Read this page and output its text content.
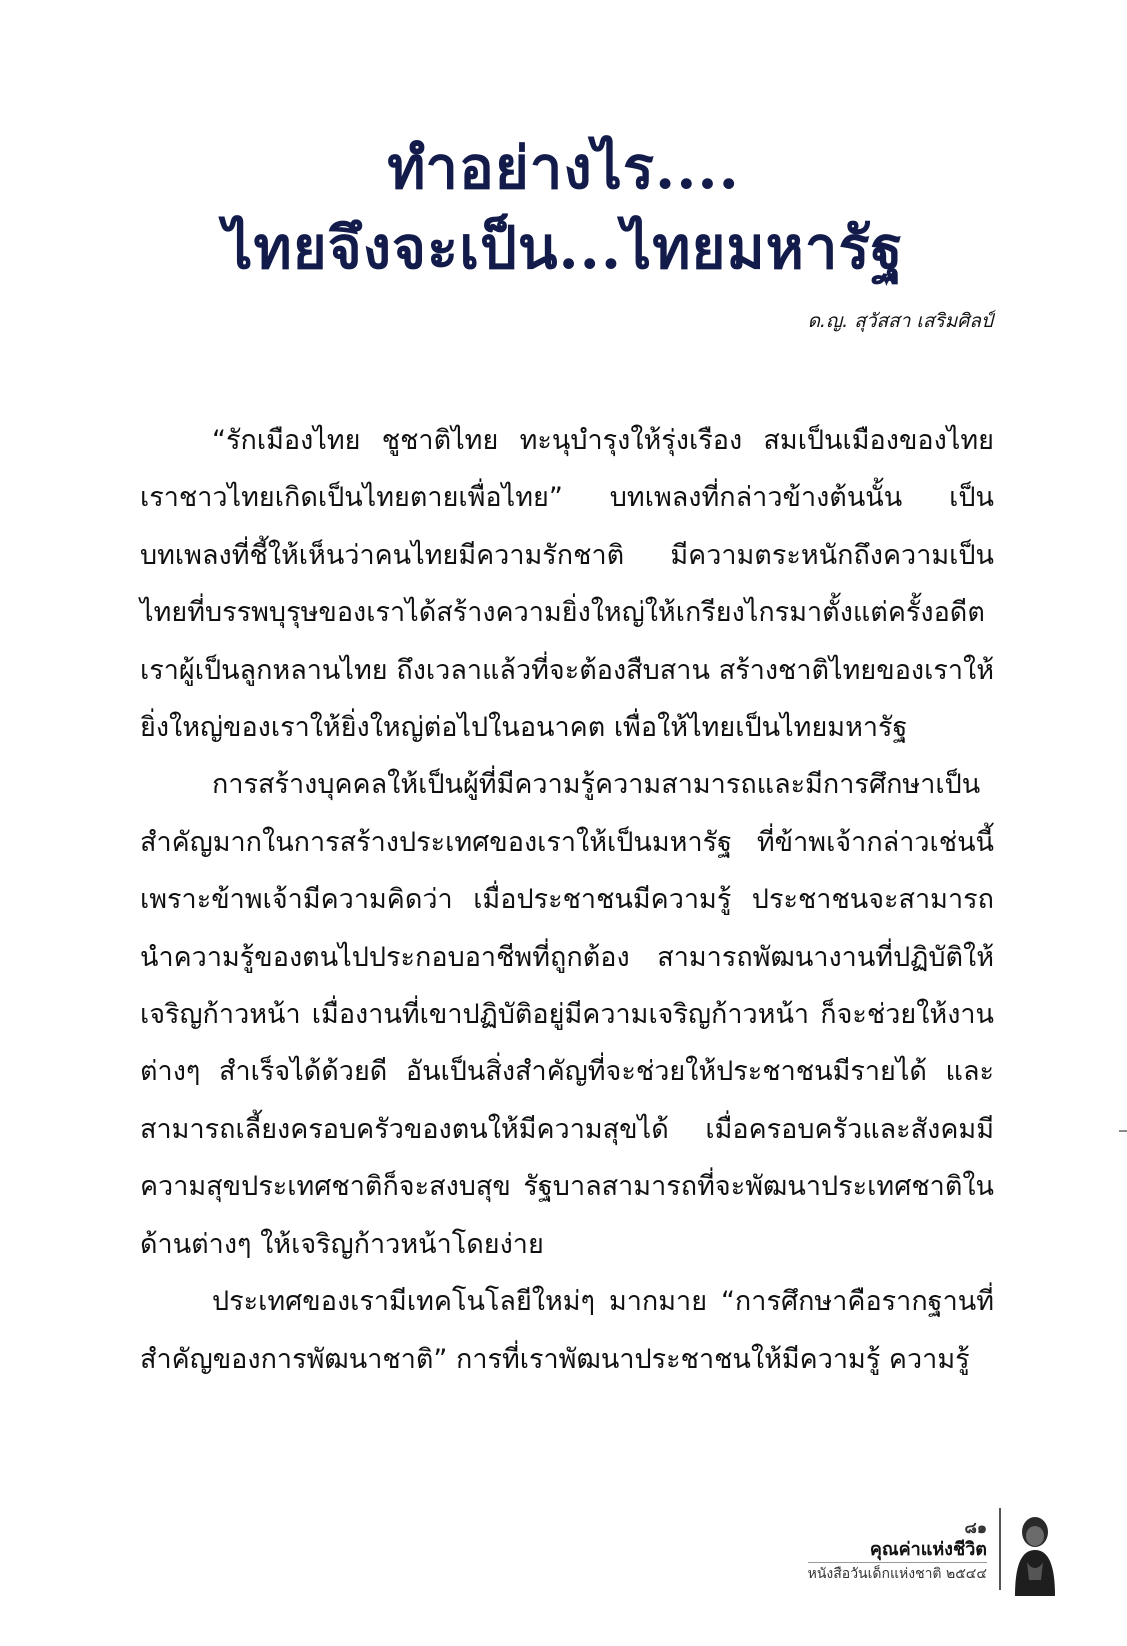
ทำอย่างไร....
ไทยจึงจะเป็น...ไทยมหารัฐ
ด.ญ. สุวัสสา เสริมศิลป์

“รักเมืองไทย ชูชาติไทย ทะนุบำรุงให้รุ่งเรือง สมเป็นเมืองของไทย เราชาวไทยเกิดเป็นไทยตายเพื่อไทย” บทเพลงที่กล่าวข้างต้นนั้น เป็นบทเพลงที่ชี้ให้เห็นว่าคนไทยมีความรักชาติ มีความตระหนักถึงความเป็นไทยที่บรรพบุรุษของเราได้สร้างความยิ่งใหญ่ให้เกรียงไกรมาตั้งแต่ครั้งอดีต เราผู้เป็นลูกหลานไทย ถึงเวลาแล้วที่จะต้องสืบสาน สร้างชาติไทยของเราให้ยิ่งใหญ่ของเราให้ยิ่งใหญ่ต่อไปในอนาคต เพื่อให้ไทยเป็นไทยมหารัฐ

การสร้างบุคคลให้เป็นผู้ที่มีความรู้ความสามารถและมีการศึกษาเป็นสำคัญมากในการสร้างประเทศของเราให้เป็นมหารัฐ ที่ข้าพเจ้ากล่าวเช่นนี้เพราะข้าพเจ้ามีความคิดว่า เมื่อประชาชนมีความรู้ ประชาชนจะสามารถนำความรู้ของตนไปประกอบอาชีพที่ถูกต้อง สามารถพัฒนางานที่ปฏิบัติให้เจริญก้าวหน้า เมื่องานที่เขาปฏิบัติอยู่มีความเจริญก้าวหน้า ก็จะช่วยให้งานต่างๆ สำเร็จได้ด้วยดี อันเป็นสิ่งสำคัญที่จะช่วยให้ประชาชนมีรายได้ และสามารถเลี้ยงครอบครัวของตนให้มีความสุขได้ เมื่อครอบครัวและสังคมมีความสุขประเทศชาติก็จะสงบสุข รัฐบาลสามารถที่จะพัฒนาประเทศชาติในด้านต่างๆ ให้เจริญก้าวหน้าโดยง่าย

ประเทศของเรามีเทคโนโลยีใหม่ๆ มากมาย “การศึกษาคือรากฐานที่สำคัญของการพัฒนาชาติ” การที่เราพัฒนาประชาชนให้มีความรู้ ความรู้

๘๑
คุณค่าแห่งชีวิต
หนังสือวันเด็กแห่งชาติ ๒๕๔๔
